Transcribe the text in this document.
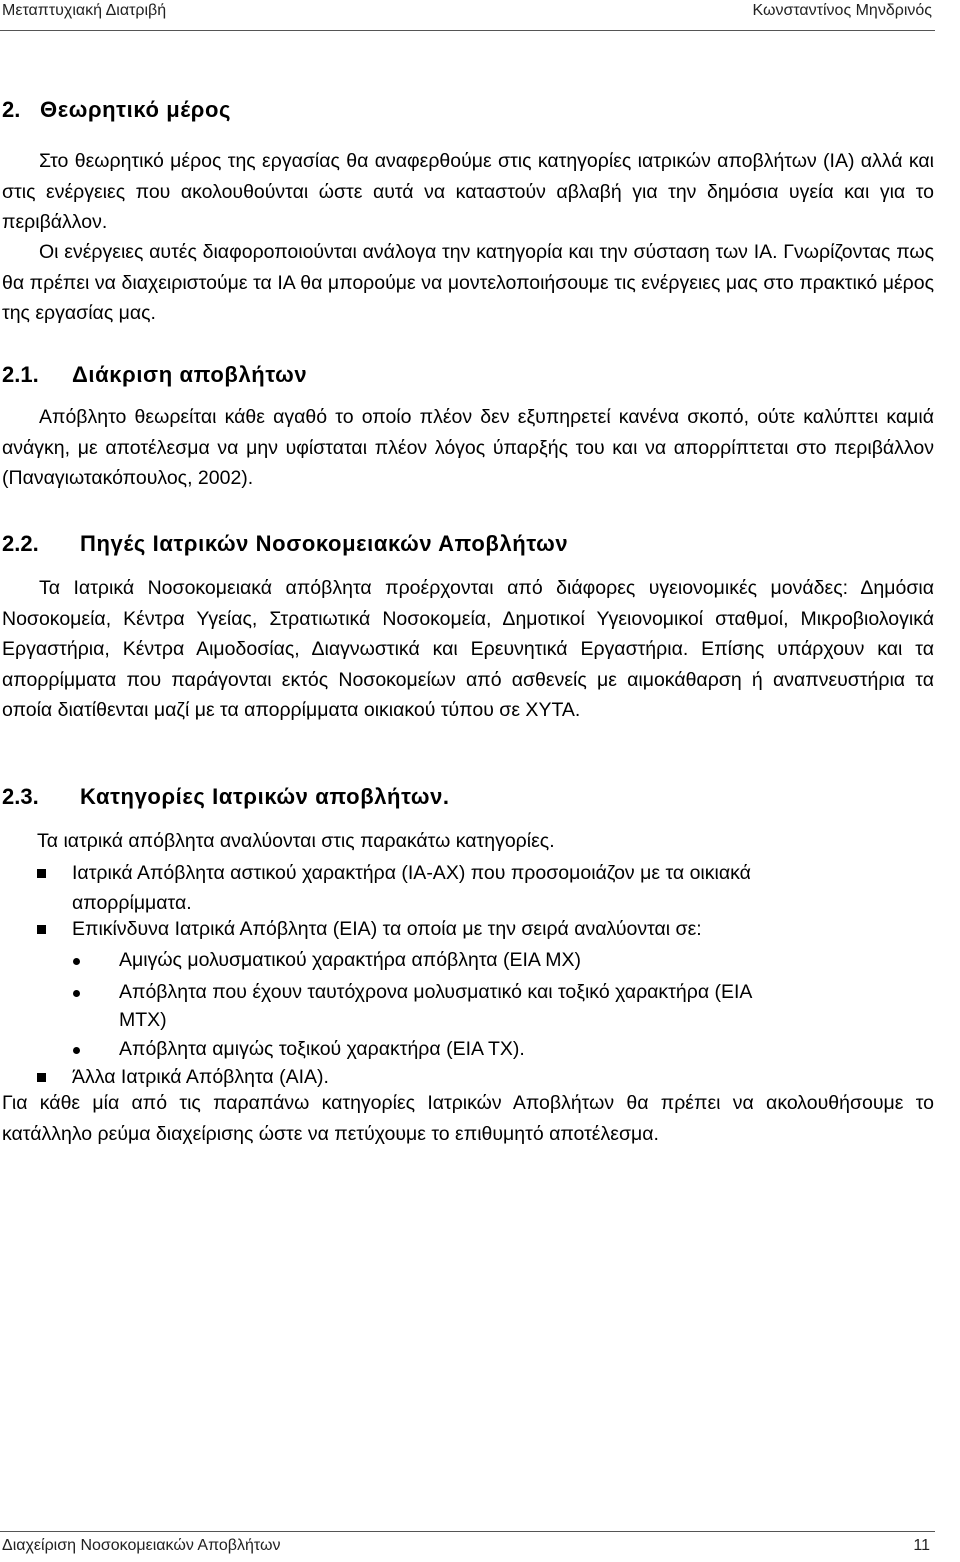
Μεταπτυχιακή Διατριβή	Κωνσταντίνος Μηνδρινός
2. Θεωρητικό μέρος
Στο θεωρητικό μέρος της εργασίας θα αναφερθούμε στις κατηγορίες ιατρικών αποβλήτων (ΙΑ) αλλά και στις ενέργειες που ακολουθούνται ώστε αυτά να καταστούν αβλαβή για την δημόσια υγεία και για το περιβάλλον.
Οι ενέργειες αυτές διαφοροποιούνται ανάλογα την κατηγορία και την σύσταση των ΙΑ. Γνωρίζοντας πως θα πρέπει να διαχειριστούμε τα ΙΑ θα μπορούμε να μοντελοποιήσουμε τις ενέργειες μας στο πρακτικό μέρος της εργασίας μας.
2.1. Διάκριση αποβλήτων
Απόβλητο θεωρείται κάθε αγαθό το οποίο πλέον δεν εξυπηρετεί κανένα σκοπό, ούτε καλύπτει καμιά ανάγκη, με αποτέλεσμα να μην υφίσταται πλέον λόγος ύπαρξής του και να απορρίπτεται στο περιβάλλον (Παναγιωτακόπουλος, 2002).
2.2. Πηγές Ιατρικών Νοσοκομειακών Αποβλήτων
Τα Ιατρικά Νοσοκομειακά απόβλητα προέρχονται από διάφορες υγειονομικές μονάδες: Δημόσια Νοσοκομεία, Κέντρα Υγείας, Στρατιωτικά Νοσοκομεία, Δημοτικοί Υγειονομικοί σταθμοί, Μικροβιολογικά Εργαστήρια, Κέντρα Αιμοδοσίας, Διαγνωστικά και Ερευνητικά Εργαστήρια. Επίσης υπάρχουν και τα απορρίμματα που παράγονται εκτός Νοσοκομείων από ασθενείς με αιμοκάθαρση ή αναπνευστήρια τα οποία διατίθενται μαζί με τα απορρίμματα οικιακού τύπου σε ΧΥΤΑ.
2.3. Κατηγορίες Ιατρικών αποβλήτων.
Τα ιατρικά απόβλητα αναλύονται στις παρακάτω κατηγορίες.
Ιατρικά Απόβλητα αστικού χαρακτήρα (ΙΑ-ΑΧ) που προσομοιάζον με τα οικιακά
απορρίμματα.
Επικίνδυνα Ιατρικά Απόβλητα (ΕΙΑ) τα οποία με την σειρά αναλύονται σε:
Αμιγώς μολυσματικού χαρακτήρα απόβλητα (ΕΙΑ ΜΧ)
Απόβλητα που έχουν ταυτόχρονα μολυσματικό και τοξικό χαρακτήρα (ΕΙΑ
ΜΤΧ)
Απόβλητα αμιγώς τοξικού χαρακτήρα (ΕΙΑ ΤΧ).
Άλλα Ιατρικά Απόβλητα (ΑΙΑ).
Για κάθε μία από τις παραπάνω κατηγορίες Ιατρικών Αποβλήτων θα πρέπει να ακολουθήσουμε το κατάλληλο ρεύμα διαχείρισης ώστε να πετύχουμε το επιθυμητό αποτέλεσμα.
Διαχείριση Νοσοκομειακών Αποβλήτων	11
